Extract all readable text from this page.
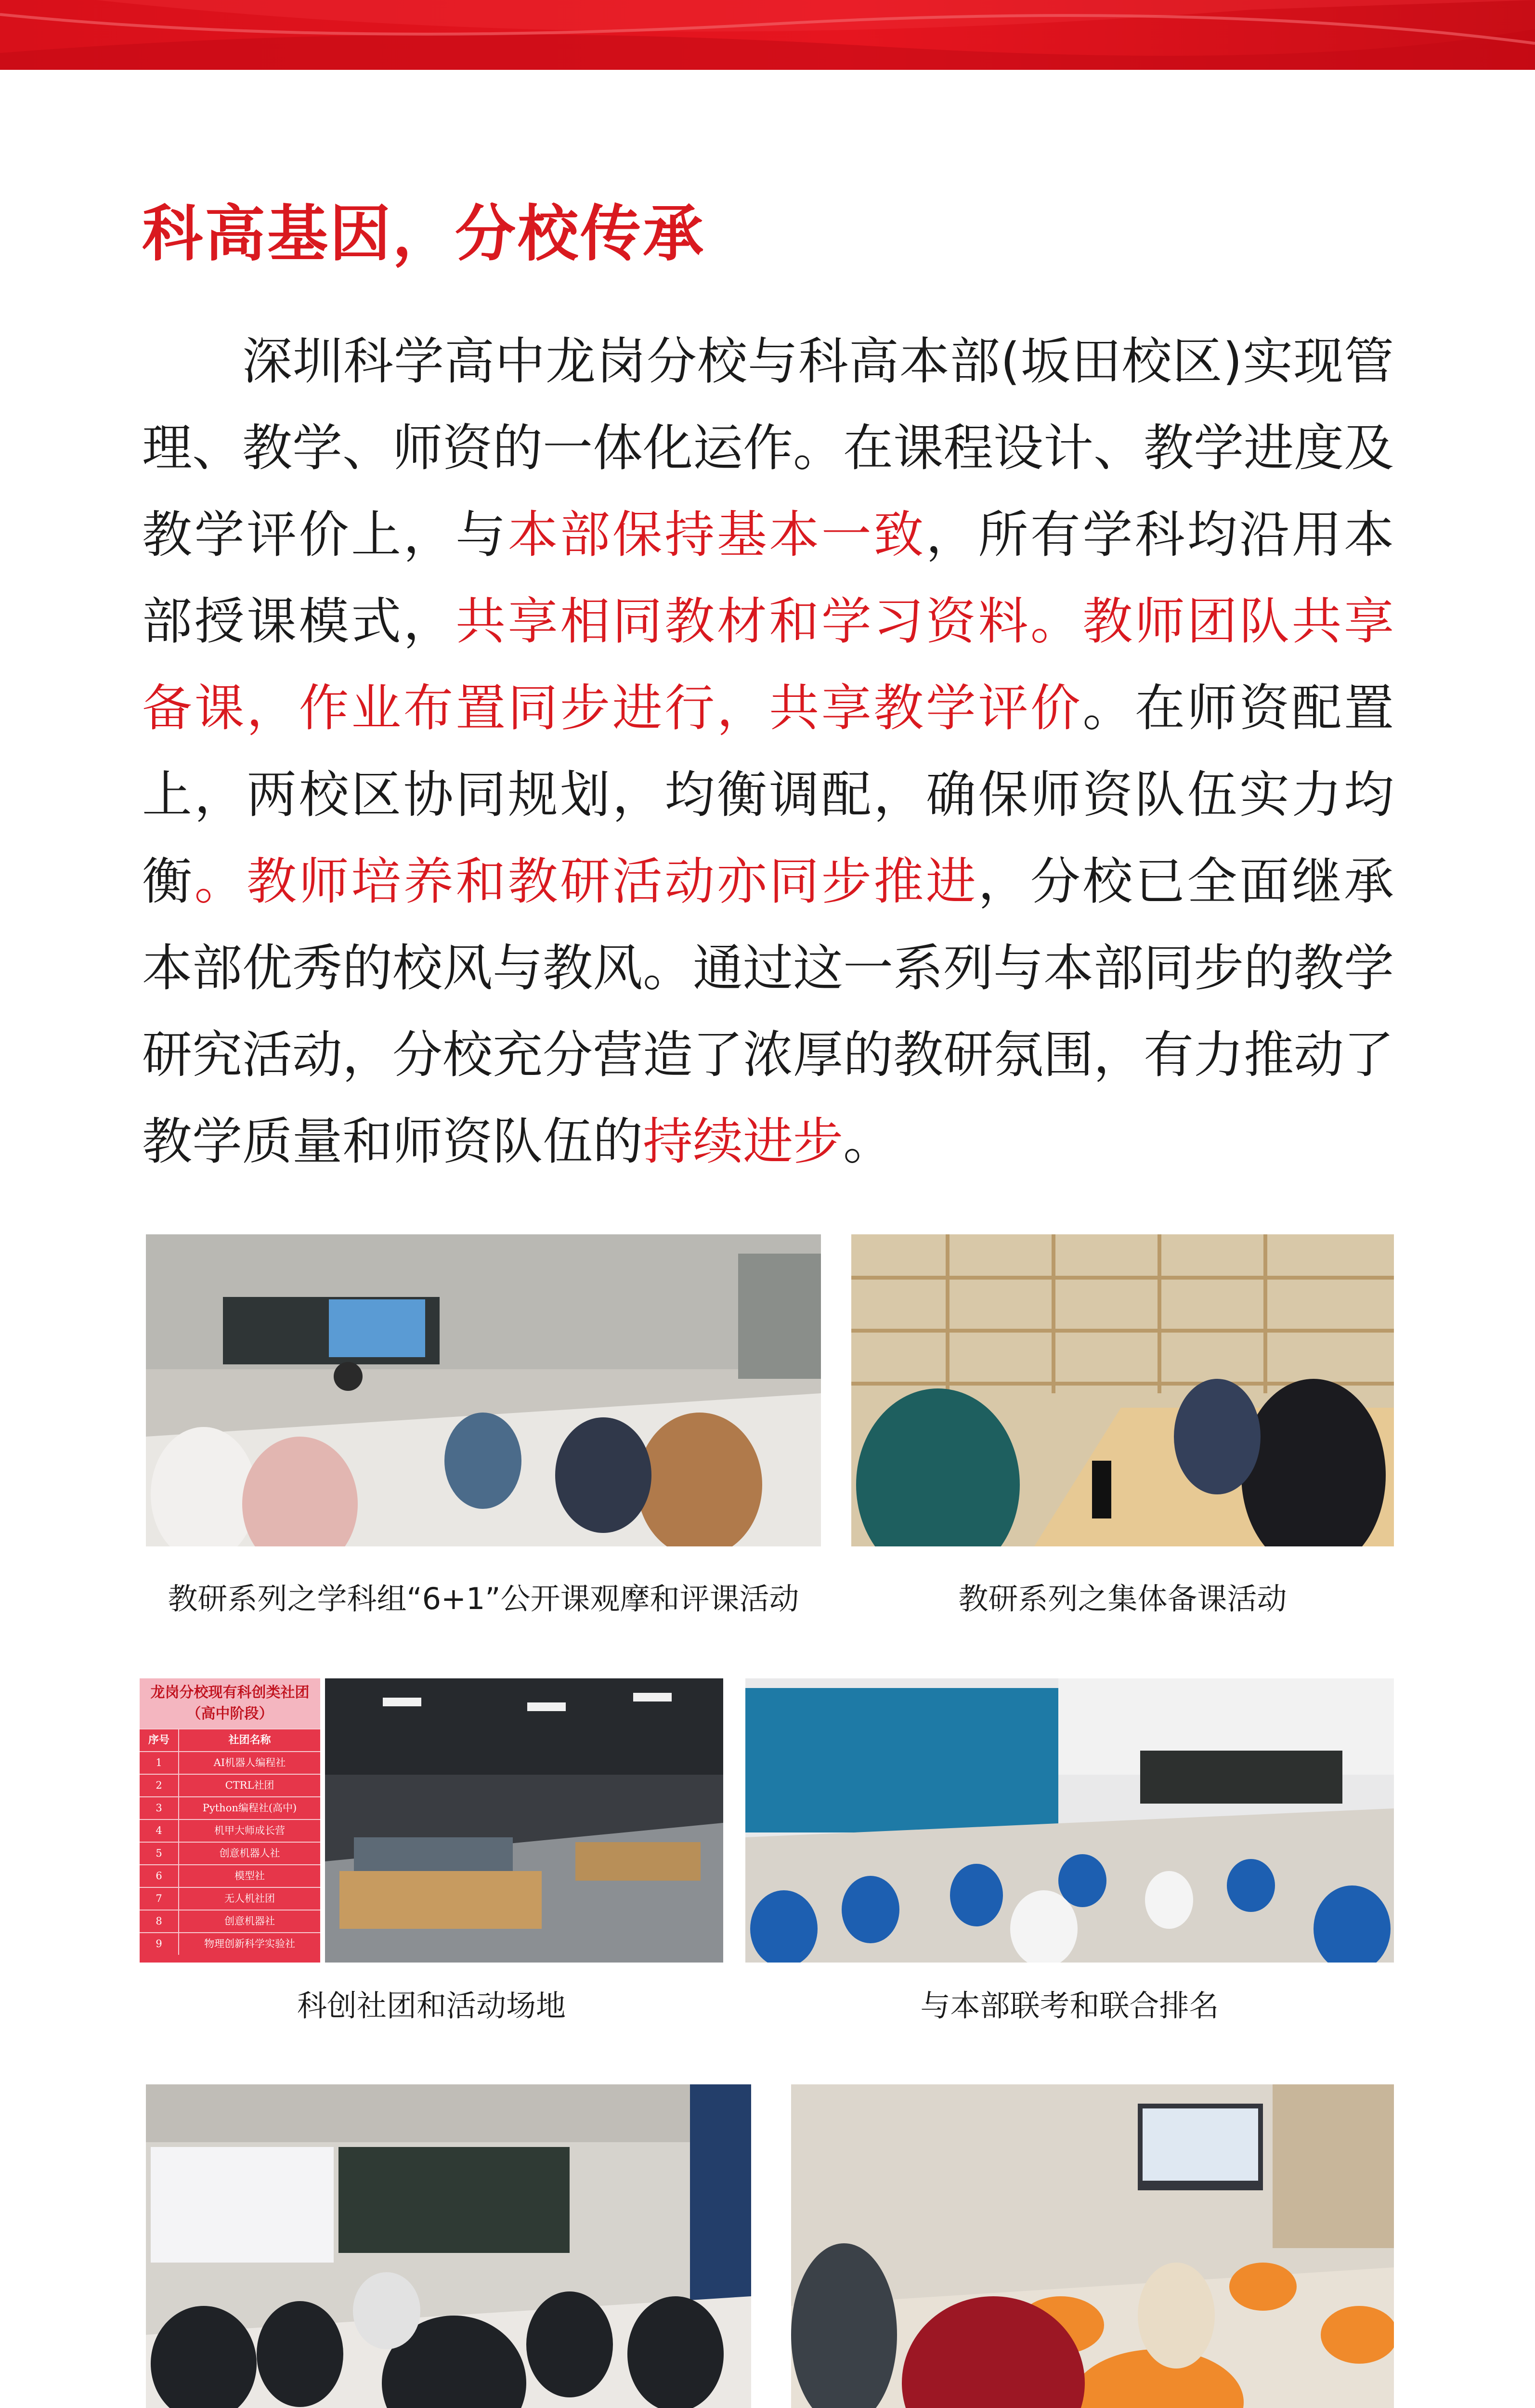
科高基因，分校传承

深圳科学高中龙岗分校与科高本部(坂田校区)实现管理、教学、师资的一体化运作。在课程设计、教学进度及教学评价上，与本部保持基本一致，所有学科均沿用本部授课模式，共享相同教材和学习资料。教师团队共享备课，作业布置同步进行，共享教学评价。在师资配置上，两校区协同规划，均衡调配，确保师资队伍实力均衡。教师培养和教研活动亦同步推进，分校已全面继承本部优秀的校风与教风。通过这一系列与本部同步的教学研究活动，分校充分营造了浓厚的教研氛围，有力推动了教学质量和师资队伍的持续进步。

教研系列之学科组“6+1”公开课观摩和评课活动	教研系列之集体备课活动
龙岗分校现有科创类社团
（高中阶段）
序号	社团名称
1	AI机器人编程社
2	CTRL社团
3	Python编程社(高中)
4	机甲大师成长营
5	创意机器人社
6	模型社
7	无人机社团
8	创意机器社
9	物理创新科学实验社
科创社团和活动场地	与本部联考和联合排名
